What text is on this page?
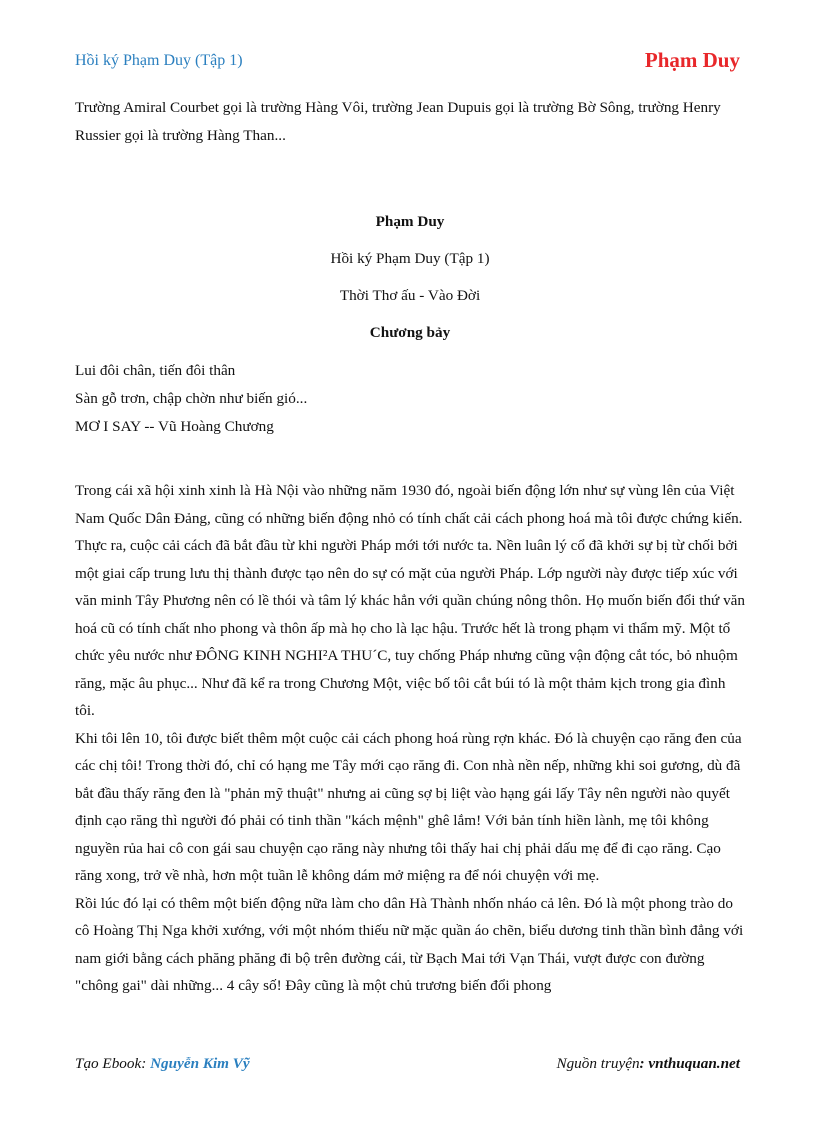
Hồi ký Phạm Duy (Tập 1)	Phạm Duy

Trường Amiral Courbet gọi là trường Hàng Vôi, trường Jean Dupuis gọi là trường Bờ Sông, trường Henry Russier gọi là trường Hàng Than...

Phạm Duy

Hồi ký Phạm Duy (Tập 1)

Thời Thơ ấu - Vào Đời

Chương bảy

Lui đôi chân, tiến đôi thân

Sàn gỗ trơn, chập chờn như biến gió...

MƠ I SAY -- Vũ Hoàng Chương

Trong cái xã hội xinh xinh là Hà Nội vào những năm 1930 đó, ngoài biến động lớn như sự vùng lên của Việt Nam Quốc Dân Đảng, cũng có những biến động nhỏ có tính chất cải cách phong hoá mà tôi được chứng kiến.

Thực ra, cuộc cải cách đã bắt đầu từ khi người Pháp mới tới nước ta. Nền luân lý cổ đã khởi sự bị từ chối bởi một giai cấp trung lưu thị thành được tạo nên do sự có mặt của người Pháp. Lớp người này được tiếp xúc với văn minh Tây Phương nên có lề thói và tâm lý khác hẳn với quần chúng nông thôn. Họ muốn biến đổi thứ văn hoá cũ có tính chất nho phong và thôn ấp mà họ cho là lạc hậu. Trước hết là trong phạm vi thẩm mỹ. Một tổ chức yêu nước như ĐÔNG KINH NGHI²A THU´C, tuy chống Pháp nhưng cũng vận động cắt tóc, bỏ nhuộm răng, mặc âu phục... Như đã kể ra trong Chương Một, việc bố tôi cắt búi tó là một thảm kịch trong gia đình tôi.

Khi tôi lên 10, tôi được biết thêm một cuộc cải cách phong hoá rùng rợn khác. Đó là chuyện cạo răng đen của các chị tôi! Trong thời đó, chỉ có hạng me Tây mới cạo răng đi. Con nhà nền nếp, những khi soi gương, dù đã bắt đầu thấy răng đen là "phản mỹ thuật" nhưng ai cũng sợ bị liệt vào hạng gái lấy Tây nên người nào quyết định cạo răng thì người đó phải có tinh thần "kách mệnh" ghê lắm! Với bản tính hiền lành, mẹ tôi không nguyền rủa hai cô con gái sau chuyện cạo răng này nhưng tôi thấy hai chị phải dấu mẹ để đi cạo răng. Cạo răng xong, trở về nhà, hơn một tuần lễ không dám mở miệng ra để nói chuyện với mẹ.

Rồi lúc đó lại có thêm một biến động nữa làm cho dân Hà Thành nhốn nháo cả lên. Đó là một phong trào do cô Hoàng Thị Nga khởi xướng, với một nhóm thiếu nữ mặc quần áo chẽn, biểu dương tinh thần bình đẳng với nam giới bằng cách phăng phăng đi bộ trên đường cái, từ Bạch Mai tới Vạn Thái, vượt được con đường "chông gai" dài những... 4 cây số! Đây cũng là một chủ trương biến đổi phong

Tạo Ebook: Nguyễn Kim Vỹ	Nguồn truyện: vnthuquan.net
